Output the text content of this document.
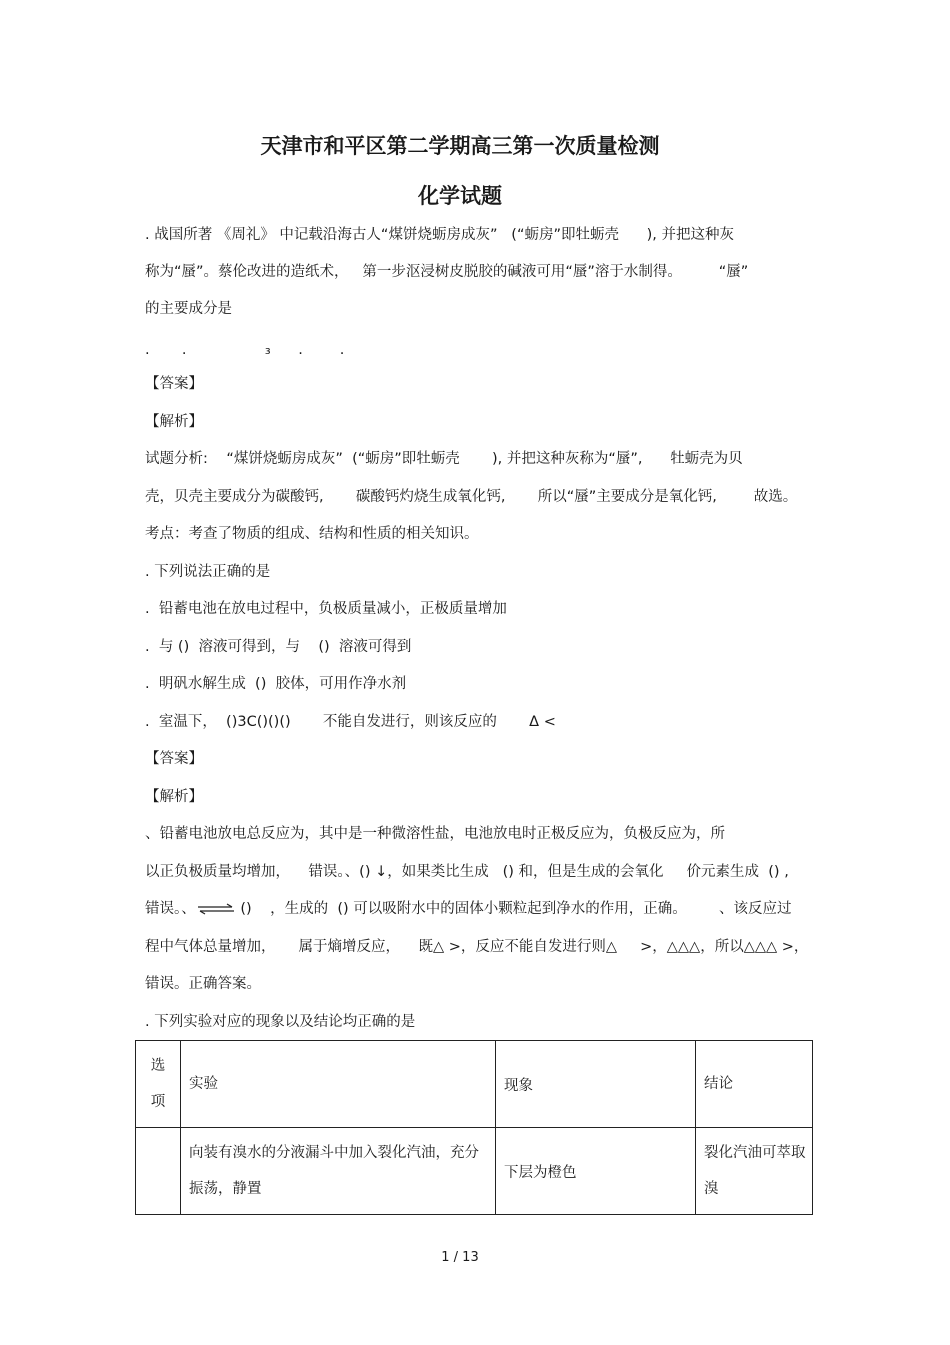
天津市和平区第二学期高三第一次质量检测
化学试题
. 战国所著 《周礼》 中记载沿海古人“煤饼烧蛎房成灰”   (“蛎房”即牡蛎壳      ), 并把这种灰
称为“蜃”。蔡伦改进的造纸术，   第一步沤浸树皮脱胶的碱液可用“蜃”溶于水制得。        “蜃”
的主要成分是
.       .                 ₃      .        .
【答案】
【解析】
试题分析:    “煤饼烧蛎房成灰”  (“蛎房”即牡蛎壳       ), 并把这种灰称为“蜃”,      牡蛎壳为贝
壳，贝壳主要成分为碳酸钙,       碳酸钙灼烧生成氧化钙,       所以“蜃”主要成分是氧化钙,        故选。
考点：考查了物质的组成、结构和性质的相关知识。
. 下列说法正确的是
.  铅蓄电池在放电过程中，负极质量减小，正极质量增加
.  与 ()  溶液可得到，与    ()  溶液可得到
.  明矾水解生成  ()  胶体，可用作净水剂
.  室温下，  ()3C()()()       不能自发进行，则该反应的       Δ <
【答案】
【解析】
、铅蓄电池放电总反应为，其中是一种微溶性盐，电池放电时正极反应为，负极反应为，所
以正负极质量均增加，    错误。、() ↓，如果类比生成   () 和，但是生成的会氧化     价元素生成  () ,
错误。、⇌ ()    ，生成的  () 可以吸附水中的固体小颗粒起到净水的作用，正确。       、该反应过
程中气体总量增加，     属于熵增反应，    既△ >，反应不能自发进行则△     >，△△△，所以△△△ >，
错误。正确答案。
. 下列实验对应的现象以及结论均正确的是
选项	实验	现象	结论
	向装有溴水的分液漏斗中加入裂化汽油，充分振荡，静置	下层为橙色	裂化汽油可萃取溴
1 / 13
